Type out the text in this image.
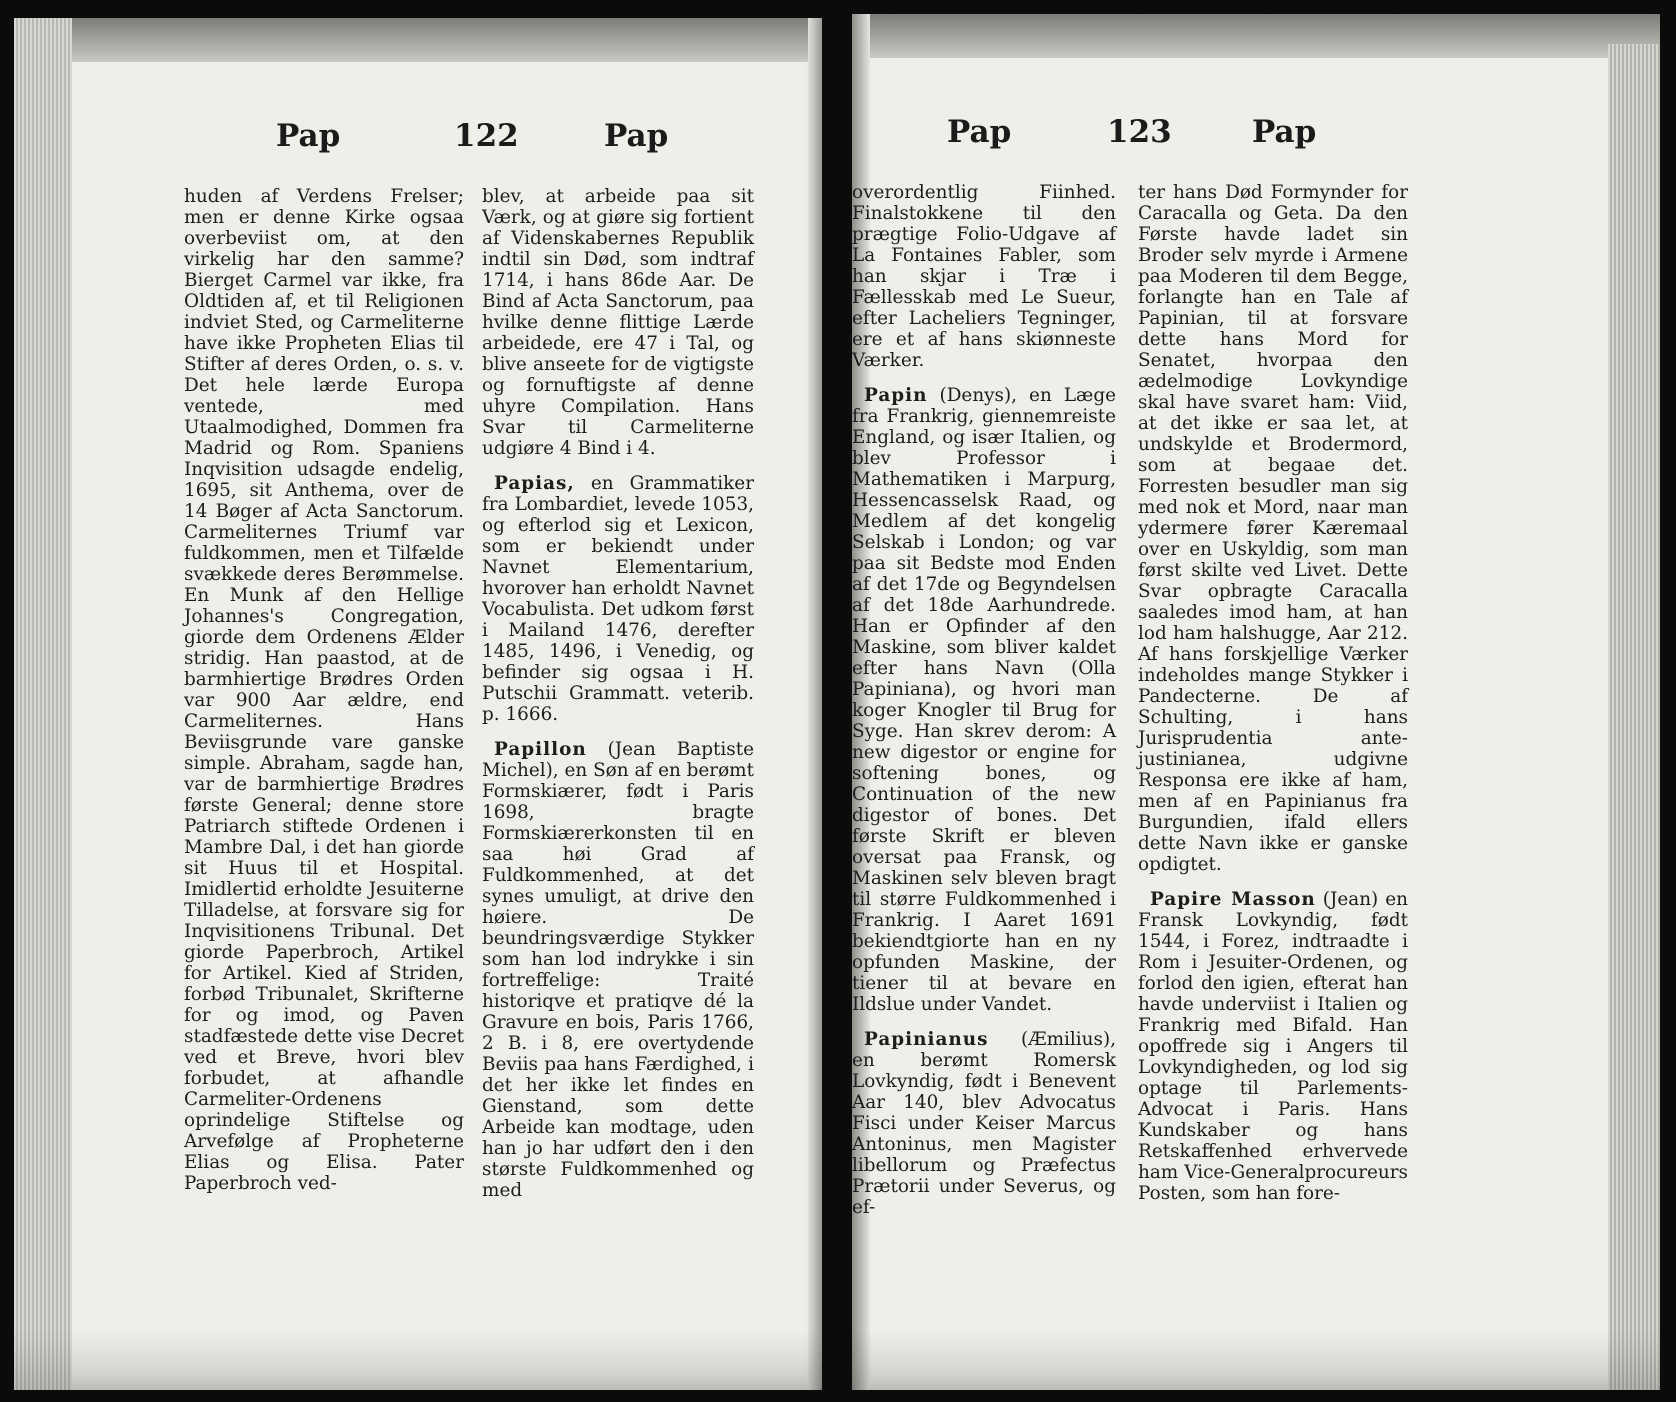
Pap	122	Pap

huden af Verdens Frelser; men er denne Kirke ogsaa overbeviist om, at den virkelig har den samme? Bierget Carmel var ikke, fra Oldtiden af, et til Religionen indviet Sted, og Carmeliterne have ikke Propheten Elias til Stifter af deres Orden, o. s. v. Det hele lærde Europa ventede, med Utaalmodighed, Dommen fra Madrid og Rom. Spaniens Inqvisition udsagde endelig, 1695, sit Anthema, over de 14 Bøger af Acta Sanctorum. Carmeliternes Triumf var fuldkommen, men et Tilfælde svækkede deres Berømmelse. En Munk af den Hellige Johannes's Congregation, giorde dem Ordenens Ælder stridig. Han paastod, at de barmhiertige Brødres Orden var 900 Aar ældre, end Carmeliternes. Hans Beviisgrunde vare ganske simple. Abraham, sagde han, var de barmhiertige Brødres første General; denne store Patriarch stiftede Ordenen i Mambre Dal, i det han giorde sit Huus til et Hospital. Imidlertid erholdte Jesuiterne Tilladelse, at forsvare sig for Inqvisitionens Tribunal. Det giorde Paperbroch, Artikel for Artikel. Kied af Striden, forbød Tribunalet, Skrifterne for og imod, og Paven stadfæstede dette vise Decret ved et Breve, hvori blev forbudet, at afhandle Carmeliter-Ordenens oprindelige Stiftelse og Arvefølge af Propheterne Elias og Elisa. Pater Paperbroch ved-

blev, at arbeide paa sit Værk, og at giøre sig fortient af Videnskabernes Republik indtil sin Død, som indtraf 1714, i hans 86de Aar. De Bind af Acta Sanctorum, paa hvilke denne flittige Lærde arbeidede, ere 47 i Tal, og blive anseete for de vigtigste og fornuftigste af denne uhyre Compilation. Hans Svar til Carmeliterne udgiøre 4 Bind i 4.

Papias, en Grammatiker fra Lombardiet, levede 1053, og efterlod sig et Lexicon, som er bekiendt under Navnet Elementarium, hvorover han erholdt Navnet Vocabulista. Det udkom først i Mailand 1476, derefter 1485, 1496, i Venedig, og befinder sig ogsaa i H. Putschii Grammatt. veterib. p. 1666.

Papillon (Jean Baptiste Michel), en Søn af en berømt Formskiærer, født i Paris 1698, bragte Formskiærerkonsten til en saa høi Grad af Fuldkommenhed, at det synes umuligt, at drive den høiere. De beundringsværdige Stykker som han lod indrykke i sin fortreffelige: Traité historiqve et pratiqve dé la Gravure en bois, Paris 1766, 2 B. i 8, ere overtydende Beviis paa hans Færdighed, i det her ikke let findes en Gienstand, som dette Arbeide kan modtage, uden han jo har udført den i den største Fuldkommenhed og med

Pap	123	Pap

overordentlig Fiinhed. Finalstokkene til den prægtige Folio-Udgave af La Fontaines Fabler, som han skjar i Træ i Fællesskab med Le Sueur, efter Lacheliers Tegninger, ere et af hans skiønneste Værker.

Papin (Denys), en Læge fra Frankrig, giennemreiste England, og især Italien, og blev Professor i Mathematiken i Marpurg, Hessencasselsk Raad, og Medlem af det kongelig Selskab i London; og var paa sit Bedste mod Enden af det 17de og Begyndelsen af det 18de Aarhundrede. Han er Opfinder af den Maskine, som bliver kaldet efter hans Navn (Olla Papiniana), og hvori man koger Knogler til Brug for Syge. Han skrev derom: A new digestor or engine for softening bones, og Continuation of the new digestor of bones. Det første Skrift er bleven oversat paa Fransk, og Maskinen selv bleven bragt til større Fuldkommenhed i Frankrig. I Aaret 1691 bekiendtgiorte han en ny opfunden Maskine, der tiener til at bevare en Ildslue under Vandet.

Papinianus (Æmilius), en berømt Romersk Lovkyndig, født i Benevent Aar 140, blev Advocatus Fisci under Keiser Marcus Antoninus, men Magister libellorum og Præfectus Prætorii under Severus, og ef-

ter hans Død Formynder for Caracalla og Geta. Da den Første havde ladet sin Broder selv myrde i Armene paa Moderen til dem Begge, forlangte han en Tale af Papinian, til at forsvare dette hans Mord for Senatet, hvorpaa den ædelmodige Lovkyndige skal have svaret ham: Viid, at det ikke er saa let, at undskylde et Brodermord, som at begaae det. Forresten besudler man sig med nok et Mord, naar man ydermere fører Kæremaal over en Uskyldig, som man først skilte ved Livet. Dette Svar opbragte Caracalla saaledes imod ham, at han lod ham halshugge, Aar 212. Af hans forskjellige Værker indeholdes mange Stykker i Pandecterne. De af Schulting, i hans Jurisprudentia ante-justinianea, udgivne Responsa ere ikke af ham, men af en Papinianus fra Burgundien, ifald ellers dette Navn ikke er ganske opdigtet.

Papire Masson (Jean) en Fransk Lovkyndig, født 1544, i Forez, indtraadte i Rom i Jesuiter-Ordenen, og forlod den igien, efterat han havde underviist i Italien og Frankrig med Bifald. Han opoffrede sig i Angers til Lovkyndigheden, og lod sig optage til Parlements-Advocat i Paris. Hans Kundskaber og hans Retskaffenhed erhvervede ham Vice-Generalprocureurs Posten, som han fore-
